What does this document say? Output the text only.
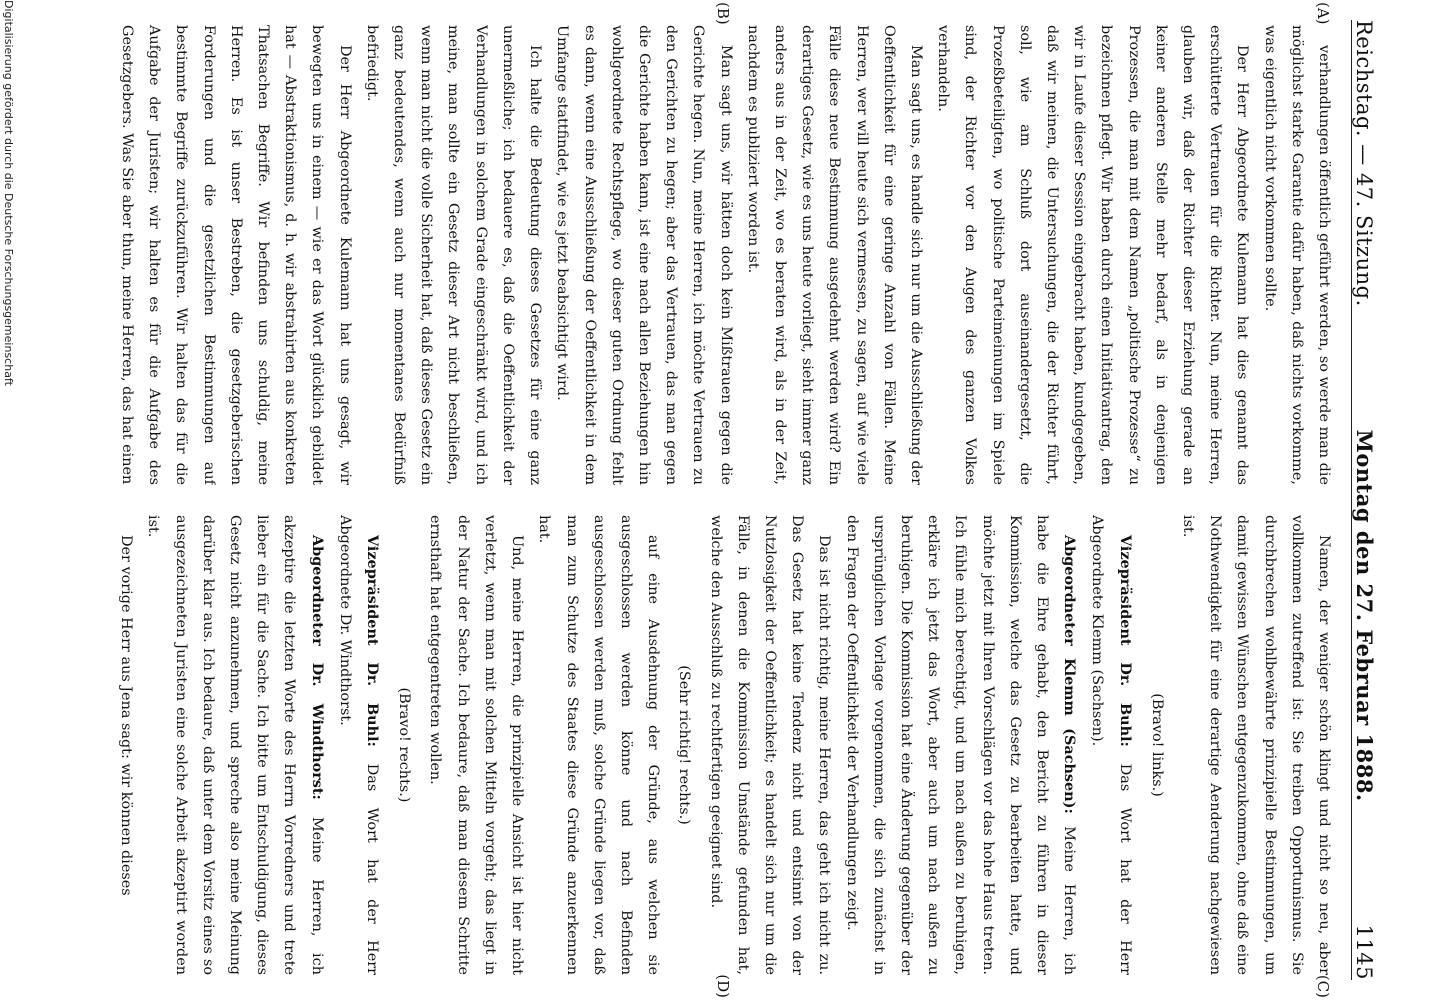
Reichstag. — 47. Sitzung.
Montag den 27. Februar 1888.
1145
(A)
(B)
(C)
(D)

verhandlungen öffentlich geführt werden, so werde man die möglichst starke Garantie dafür haben, daß nichts vorkomme, was eigentlich nicht vorkommen sollte.

Der Herr Abgeordnete Kulemann hat dies genannt das erschütterte Vertrauen für die Richter. Nun, meine Herren, glauben wir, daß der Richter dieser Erziehung gerade an keiner anderen Stelle mehr bedarf, als in denjenigen Prozessen, die man mit dem Namen „politische Prozesse“ zu bezeichnen pflegt. Wir haben durch einen Initiativantrag, den wir in Laufe dieser Session eingebracht haben, kundgegeben, daß wir meinen, die Untersuchungen, die der Richter führt, soll, wie am Schluß dort auseinandergesetzt, die Prozeßbeteiligten, wo politische Parteimeinungen im Spiele sind, der Richter vor den Augen des ganzen Volkes verhandeln.

Man sagt uns, es handle sich nur um die Ausschließung der Oeffentlichkeit für eine geringe Anzahl von Fällen. Meine Herren, wer will heute sich vermessen, zu sagen, auf wie viele Fälle diese neue Bestimmung ausgedehnt werden wird? Ein derartiges Gesetz, wie es uns heute vorliegt, sieht immer ganz anders aus in der Zeit, wo es beraten wird, als in der Zeit, nachdem es publiziert worden ist.

Man sagt uns, wir hätten doch kein Mißtrauen gegen die Gerichte hegen. Nun, meine Herren, ich möchte Vertrauen zu den Gerichten zu hegen; aber das Vertrauen, das man gegen die Gerichte haben kann, ist eine nach allen Beziehungen hin wohlgeordnete Rechtspflege, wo dieser guten Ordnung fehlt es dann, wenn eine Ausschließung der Oeffentlichkeit in dem Umfange stattfindet, wie es jetzt beabsichtigt wird.

Ich halte die Bedeutung dieses Gesetzes für eine ganz unermeßliche; ich bedauere es, daß die Oeffentlichkeit der Verhandlungen in solchem Grade eingeschränkt wird, und ich meine, man sollte ein Gesetz dieser Art nicht beschließen, wenn man nicht die volle Sicherheit hat, daß dieses Gesetz ein ganz bedeutendes, wenn auch nur momentanes Bedürfniß befriedigt.

Der Herr Abgeordnete Kulemann hat uns gesagt, wir bewegten uns in einem — wie er das Wort glücklich gebildet hat — Abstraktionismus, d. h. wir abstrahirten aus konkreten Thatsachen Begriffe. Wir befinden uns schuldig, meine Herren. Es ist unser Bestreben, die gesetzgeberischen Forderungen und die gesetzlichen Bestimmungen auf bestimmte Begriffe zurückzuführen. Wir halten das für die Aufgabe der Juristen; wir halten es für die Aufgabe des Gesetzgebers. Was Sie aber thun, meine Herren, das hat einen

Namen, der weniger schön klingt und nicht so neu, aber vollkommen zutreffend ist: Sie treiben Opportunismus. Sie durchbrechen wohlbewährte prinzipielle Bestimmungen, um damit gewissen Wünschen entgegenzukommen, ohne daß eine Nothwendigkeit für eine derartige Aenderung nachgewiesen ist.

(Bravo! links.)

Vizepräsident Dr. Buhl: Das Wort hat der Herr Abgeordnete Klemm (Sachsen).

Abgeordneter Klemm (Sachsen): Meine Herren, ich habe die Ehre gehabt, den Bericht zu führen in dieser Kommission, welche das Gesetz zu bearbeiten hatte, und möchte jetzt mit Ihren Vorschlägen vor das hohe Haus treten. Ich fühle mich berechtigt, und um nach außen zu beruhigen, erkläre ich jetzt das Wort, aber auch um nach außen zu beruhigen. Die Kommission hat eine Änderung gegenüber der ursprünglichen Vorlage vorgenommen, die sich zunächst in den Fragen der Oeffentlichkeit der Verhandlungen zeigt.

Das ist nicht richtig, meine Herren, das geht ich nicht zu. Das Gesetz hat keine Tendenz nicht und entsinnt von der Nutzlosigkeit der Oeffentlichkeit; es handelt sich nur um die Fälle, in denen die Kommission Umstände gefunden hat, welche den Ausschluß zu rechtfertigen geeignet sind.

(Sehr richtig! rechts.)

auf eine Ausdehnung der Gründe, aus welchen sie ausgeschlossen werden könne und nach Befinden ausgeschlossen werden muß, solche Gründe liegen vor, daß man zum Schutze des Staates diese Gründe anzuerkennen hat.

Und, meine Herren, die prinzipielle Ansicht ist hier nicht verletzt, wenn man mit solchen Mitteln vorgeht; das liegt in der Natur der Sache. Ich bedaure, daß man diesem Schritte ernsthaft hat entgegentreten wollen.

(Bravo! rechts.)

Vizepräsident Dr. Buhl: Das Wort hat der Herr Abgeordnete Dr. Windthorst.

Abgeordneter Dr. Windthorst: Meine Herren, ich akzeptire die letzten Worte des Herrn Vorredners und trete lieber ein für die Sache. Ich bitte um Entschuldigung, dieses Gesetz nicht anzunehmen, und spreche also meine Meinung darüber klar aus. Ich bedaure, daß unter dem Vorsitz eines so ausgezeichneten Juristen eine solche Arbeit akzeptirt worden ist.

Der vorige Herr aus Jena sagt: wir können dieses

Digitalisierung gefördert durch die Deutsche Forschungsgemeinschaft
